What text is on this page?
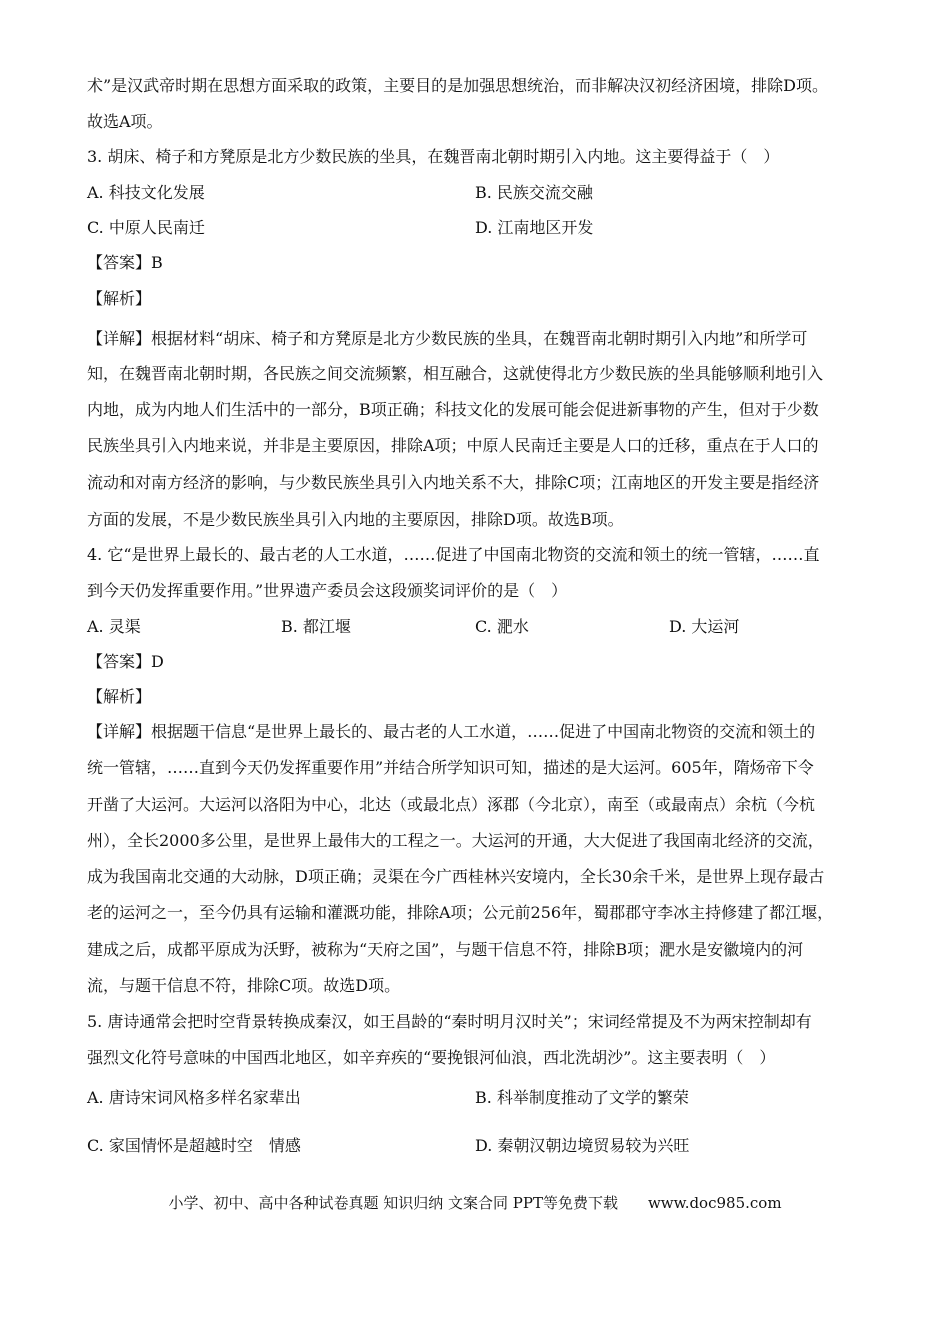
术”是汉武帝时期在思想方面采取的政策，主要目的是加强思想统治，而非解决汉初经济困境，排除D项。
故选A项。
3. 胡床、椅子和方凳原是北方少数民族的坐具，在魏晋南北朝时期引入内地。这主要得益于（　）
A. 科技文化发展	B. 民族交流交融
C. 中原人民南迁	D. 江南地区开发
【答案】B
【解析】
【详解】根据材料“胡床、椅子和方凳原是北方少数民族的坐具，在魏晋南北朝时期引入内地”和所学可
知，在魏晋南北朝时期，各民族之间交流频繁，相互融合，这就使得北方少数民族的坐具能够顺利地引入
内地，成为内地人们生活中的一部分，B项正确；科技文化的发展可能会促进新事物的产生，但对于少数
民族坐具引入内地来说，并非是主要原因，排除A项；中原人民南迁主要是人口的迁移，重点在于人口的
流动和对南方经济的影响，与少数民族坐具引入内地关系不大，排除C项；江南地区的开发主要是指经济
方面的发展，不是少数民族坐具引入内地的主要原因，排除D项。故选B项。
4. 它“是世界上最长的、最古老的人工水道，……促进了中国南北物资的交流和领土的统一管辖，……直
到今天仍发挥重要作用。”世界遗产委员会这段颁奖词评价的是（　）
A. 灵渠	B. 都江堰	C. 淝水	D. 大运河
【答案】D
【解析】
【详解】根据题干信息“是世界上最长的、最古老的人工水道，……促进了中国南北物资的交流和领土的
统一管辖，……直到今天仍发挥重要作用”并结合所学知识可知，描述的是大运河。605年，隋炀帝下令
开凿了大运河。大运河以洛阳为中心，北达（或最北点）涿郡（今北京），南至（或最南点）余杭（今杭
州），全长2000多公里，是世界上最伟大的工程之一。大运河的开通，大大促进了我国南北经济的交流，
成为我国南北交通的大动脉，D项正确；灵渠在今广西桂林兴安境内，全长30余千米，是世界上现存最古
老的运河之一，至今仍具有运输和灌溉功能，排除A项；公元前256年，蜀郡郡守李冰主持修建了都江堰，
建成之后，成都平原成为沃野，被称为“天府之国”，与题干信息不符，排除B项；淝水是安徽境内的河
流，与题干信息不符，排除C项。故选D项。
5. 唐诗通常会把时空背景转换成秦汉，如王昌龄的“秦时明月汉时关”；宋词经常提及不为两宋控制却有
强烈文化符号意味的中国西北地区，如辛弃疾的“要挽银河仙浪，西北洗胡沙”。这主要表明（　）
A. 唐诗宋词风格多样名家辈出	B. 科举制度推动了文学的繁荣
C. 家国情怀是超越时空　情感	D. 秦朝汉朝边境贸易较为兴旺
小学、初中、高中各种试卷真题 知识归纳 文案合同 PPT等免费下载　　www.doc985.com
